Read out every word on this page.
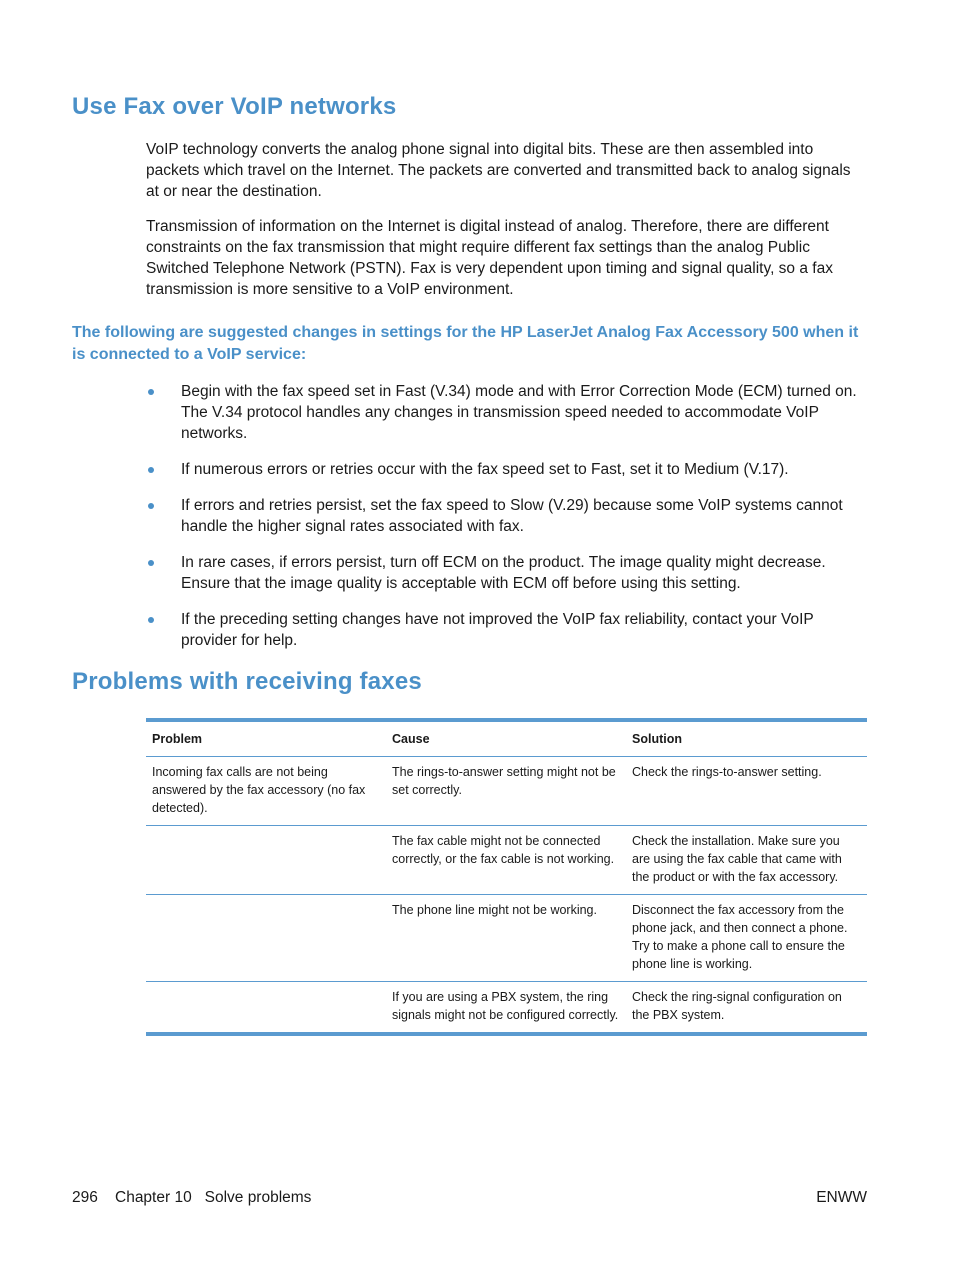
Use Fax over VoIP networks

VoIP technology converts the analog phone signal into digital bits. These are then assembled into packets which travel on the Internet. The packets are converted and transmitted back to analog signals at or near the destination.

Transmission of information on the Internet is digital instead of analog. Therefore, there are different constraints on the fax transmission that might require different fax settings than the analog Public Switched Telephone Network (PSTN). Fax is very dependent upon timing and signal quality, so a fax transmission is more sensitive to a VoIP environment.

The following are suggested changes in settings for the HP LaserJet Analog Fax Accessory 500 when it is connected to a VoIP service:
Begin with the fax speed set in Fast (V.34) mode and with Error Correction Mode (ECM) turned on. The V.34 protocol handles any changes in transmission speed needed to accommodate VoIP networks.
If numerous errors or retries occur with the fax speed set to Fast, set it to Medium (V.17).
If errors and retries persist, set the fax speed to Slow (V.29) because some VoIP systems cannot handle the higher signal rates associated with fax.
In rare cases, if errors persist, turn off ECM on the product. The image quality might decrease. Ensure that the image quality is acceptable with ECM off before using this setting.
If the preceding setting changes have not improved the VoIP fax reliability, contact your VoIP provider for help.
Problems with receiving faxes
Problem	Cause	Solution
Incoming fax calls are not being answered by the fax accessory (no fax detected).	The rings-to-answer setting might not be set correctly.	Check the rings-to-answer setting.
	The fax cable might not be connected correctly, or the fax cable is not working.	Check the installation. Make sure you are using the fax cable that came with the product or with the fax accessory.
	The phone line might not be working.	Disconnect the fax accessory from the phone jack, and then connect a phone. Try to make a phone call to ensure the phone line is working.
	If you are using a PBX system, the ring signals might not be configured correctly.	Check the ring-signal configuration on the PBX system.
296 Chapter 10   Solve problems	ENWW
